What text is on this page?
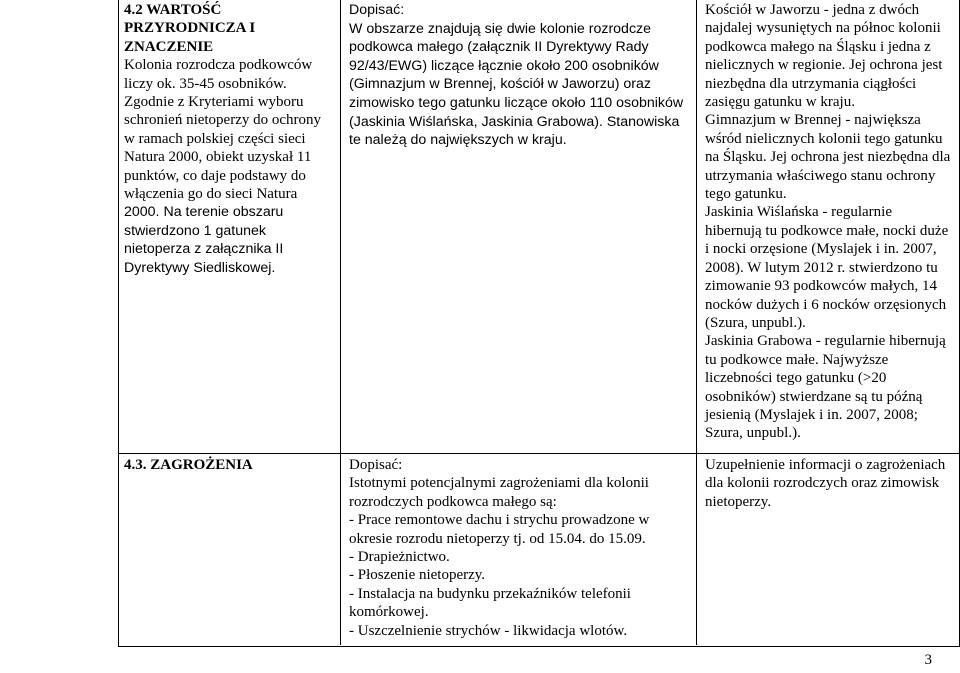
4.2 WARTOŚĆ

PRZYRODNICZA I

ZNACZENIE

Kolonia rozrodcza podkowców liczy ok. 35-45 osobników. Zgodnie z Kryteriami wyboru schronień nietoperzy do ochrony w ramach polskiej części sieci Natura 2000, obiekt uzyskał 11 punktów, co daje podstawy do włączenia go do sieci Natura

2000. Na terenie obszaru stwierdzono 1 gatunek nietoperza z załącznika II Dyrektywy Siedliskowej.

Dopisać:

W obszarze znajdują się dwie kolonie rozrodcze podkowca małego (załącznik II Dyrektywy Rady 92/43/EWG) liczące łącznie około 200 osobników (Gimnazjum w Brennej, kościół w Jaworzu) oraz zimowisko tego gatunku liczące około 110 osobników (Jaskinia Wiślańska, Jaskinia Grabowa). Stanowiska te należą do największych w kraju.

Kościół w Jaworzu - jedna z dwóch najdalej wysuniętych na północ kolonii podkowca małego na Śląsku i jedna z nielicznych w regionie. Jej ochrona jest niezbędna dla utrzymania ciągłości zasięgu gatunku w kraju.

Gimnazjum w Brennej - największa wśród nielicznych kolonii tego gatunku na Śląsku. Jej ochrona jest niezbędna dla utrzymania właściwego stanu ochrony tego gatunku.

Jaskinia Wiślańska - regularnie hibernują tu podkowce małe, nocki duże i nocki orzęsione (Myslajek i in. 2007, 2008). W lutym 2012 r. stwierdzono tu zimowanie 93 podkowców małych, 14 nocków dużych i 6 nocków orzęsionych (Szura, unpubl.).

Jaskinia Grabowa - regularnie hibernują tu podkowce małe. Najwyższe liczebności tego gatunku (>20 osobników) stwierdzane są tu późną jesienią (Myslajek i in. 2007, 2008; Szura, unpubl.).

4.3. ZAGROŻENIA	Dopisać:

Istotnymi potencjalnymi zagrożeniami dla kolonii rozrodczych podkowca małego są:

- Prace remontowe dachu i strychu prowadzone w okresie rozrodu nietoperzy tj. od 15.04. do 15.09.

- Drapieżnictwo.

- Płoszenie nietoperzy.

- Instalacja na budynku przekaźników telefonii komórkowej.

- Uszczelnienie strychów - likwidacja wlotów.

Uzupełnienie informacji o zagrożeniach dla kolonii rozrodczych oraz zimowisk nietoperzy.

3
